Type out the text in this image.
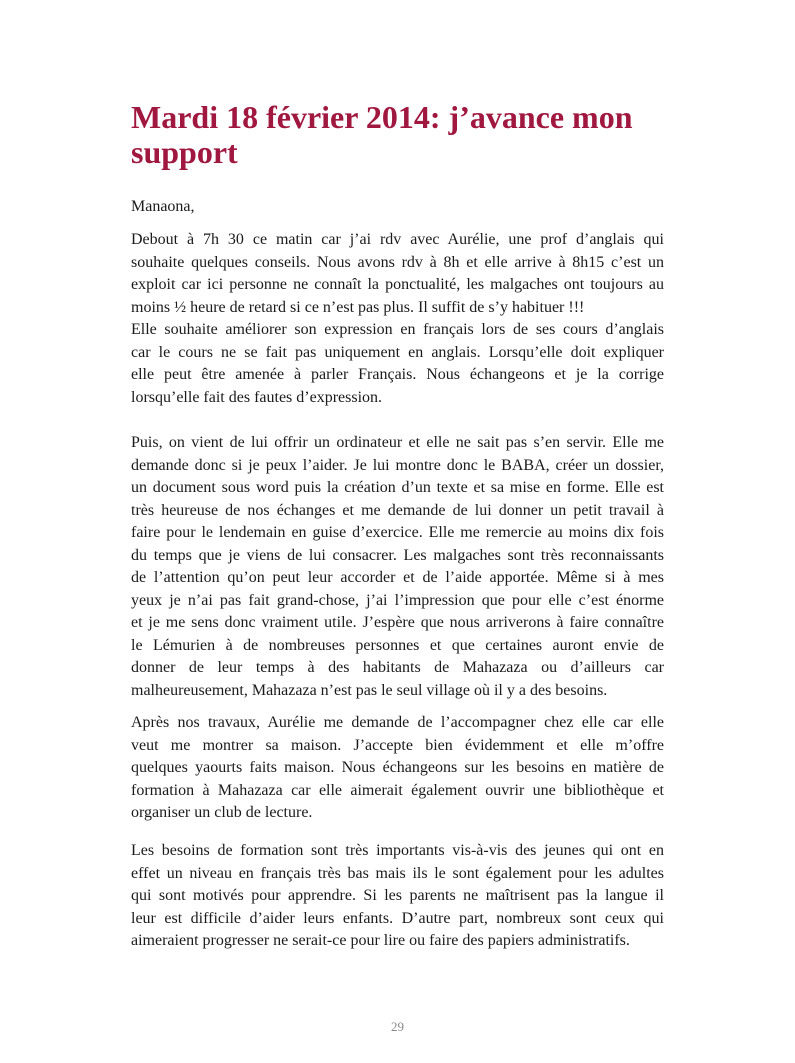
Mardi 18 février 2014: j’avance mon
support
Manaona,
Debout à 7h 30 ce matin car j’ai rdv avec Aurélie, une prof d’anglais qui
souhaite quelques conseils. Nous avons rdv à 8h et elle arrive à 8h15 c’est un
exploit car ici personne ne connaît la ponctualité, les malgaches ont toujours au
moins ½ heure de retard si ce n’est pas plus. Il suffit de s’y habituer !!!
Elle souhaite améliorer son expression en français lors de ses cours d’anglais
car le cours ne se fait pas uniquement en anglais. Lorsqu’elle doit expliquer
elle peut être amenée à parler Français. Nous échangeons et je la corrige
lorsqu’elle fait des fautes d’expression.
Puis, on vient de lui offrir un ordinateur et elle ne sait pas s’en servir. Elle me
demande donc si je peux l’aider. Je lui montre donc le BABA, créer un dossier,
un document sous word puis la création d’un texte et sa mise en forme. Elle est
très heureuse de nos échanges et me demande de lui donner un petit travail à
faire pour le lendemain en guise d’exercice. Elle me remercie au moins dix fois
du temps que je viens de lui consacrer. Les malgaches sont très reconnaissants
de l’attention qu’on peut leur accorder et de l’aide apportée. Même si à mes
yeux je n’ai pas fait grand-chose, j’ai l’impression que pour elle c’est énorme
et je me sens donc vraiment utile. J’espère que nous arriverons à faire connaître
le Lémurien à de nombreuses personnes et que certaines auront envie de
donner de leur temps à des habitants de Mahazaza ou d’ailleurs car
malheureusement, Mahazaza n’est pas le seul village où il y a des besoins.
Après nos travaux, Aurélie me demande de l’accompagner chez elle car elle
veut me montrer sa maison. J’accepte bien évidemment et elle m’offre
quelques yaourts faits maison. Nous échangeons sur les besoins en matière de
formation à Mahazaza car elle aimerait également ouvrir une bibliothèque et
organiser un club de lecture.
Les besoins de formation sont très importants vis-à-vis des jeunes qui ont en
effet un niveau en français très bas mais ils le sont également pour les adultes
qui sont motivés pour apprendre. Si les parents ne maîtrisent pas la langue il
leur est difficile d’aider leurs enfants. D’autre part, nombreux sont ceux qui
aimeraient progresser ne serait-ce pour lire ou faire des papiers administratifs.
29
